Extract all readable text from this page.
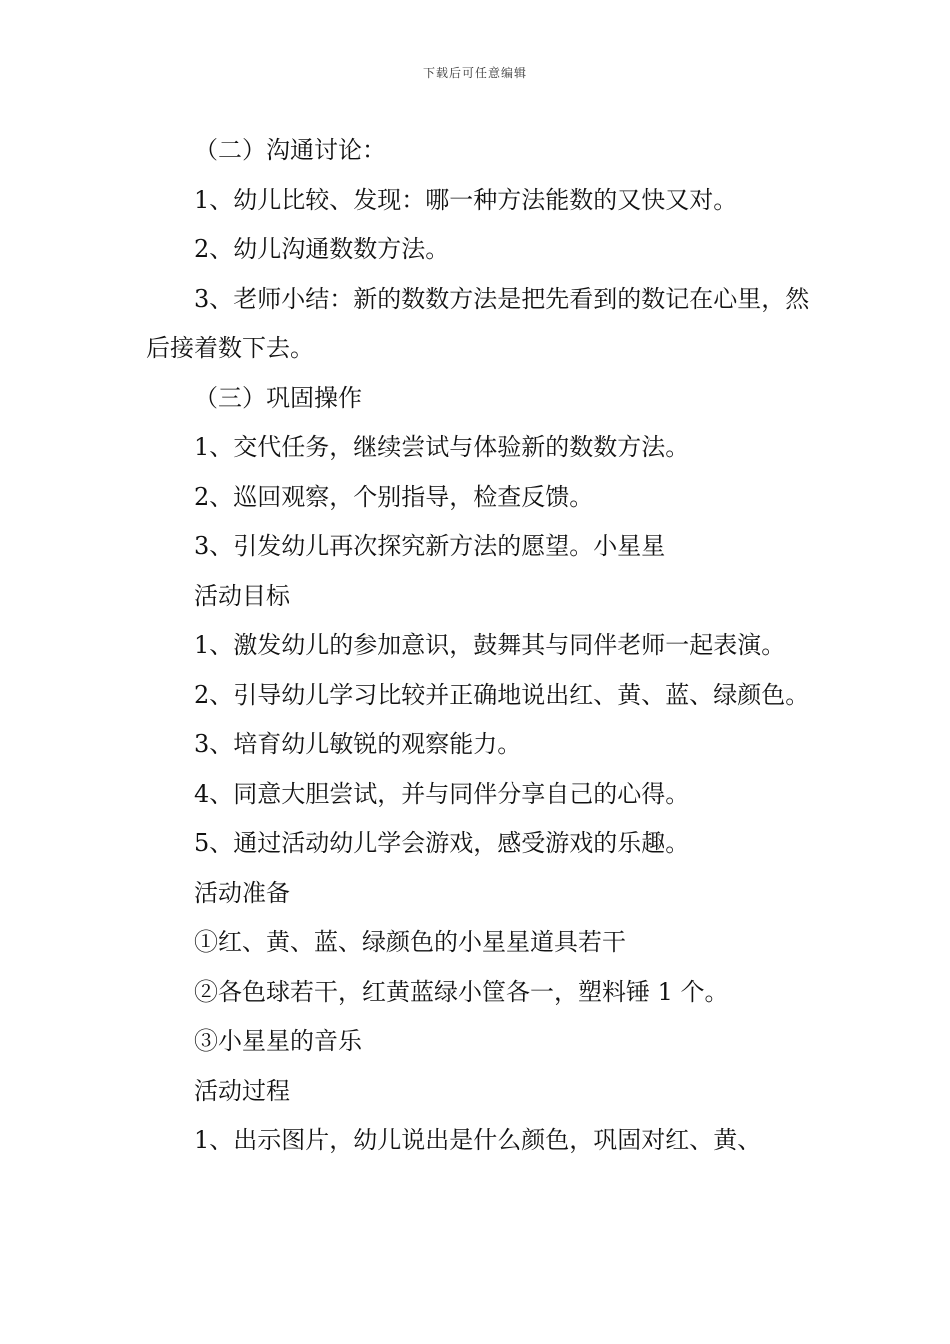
下载后可任意编辑

（二）沟通讨论：

1、幼儿比较、发现：哪一种方法能数的又快又对。

2、幼儿沟通数数方法。

3、老师小结：新的数数方法是把先看到的数记在心里，然后接着数下去。

（三）巩固操作

1、交代任务，继续尝试与体验新的数数方法。

2、巡回观察，个别指导，检查反馈。

3、引发幼儿再次探究新方法的愿望。小星星

活动目标

1、激发幼儿的参加意识，鼓舞其与同伴老师一起表演。

2、引导幼儿学习比较并正确地说出红、黄、蓝、绿颜色。

3、培育幼儿敏锐的观察能力。

4、同意大胆尝试，并与同伴分享自己的心得。

5、通过活动幼儿学会游戏，感受游戏的乐趣。

活动准备

①红、黄、蓝、绿颜色的小星星道具若干

②各色球若干，红黄蓝绿小筐各一，塑料锤 1 个。

③小星星的音乐

活动过程

1、出示图片，幼儿说出是什么颜色，巩固对红、黄、
